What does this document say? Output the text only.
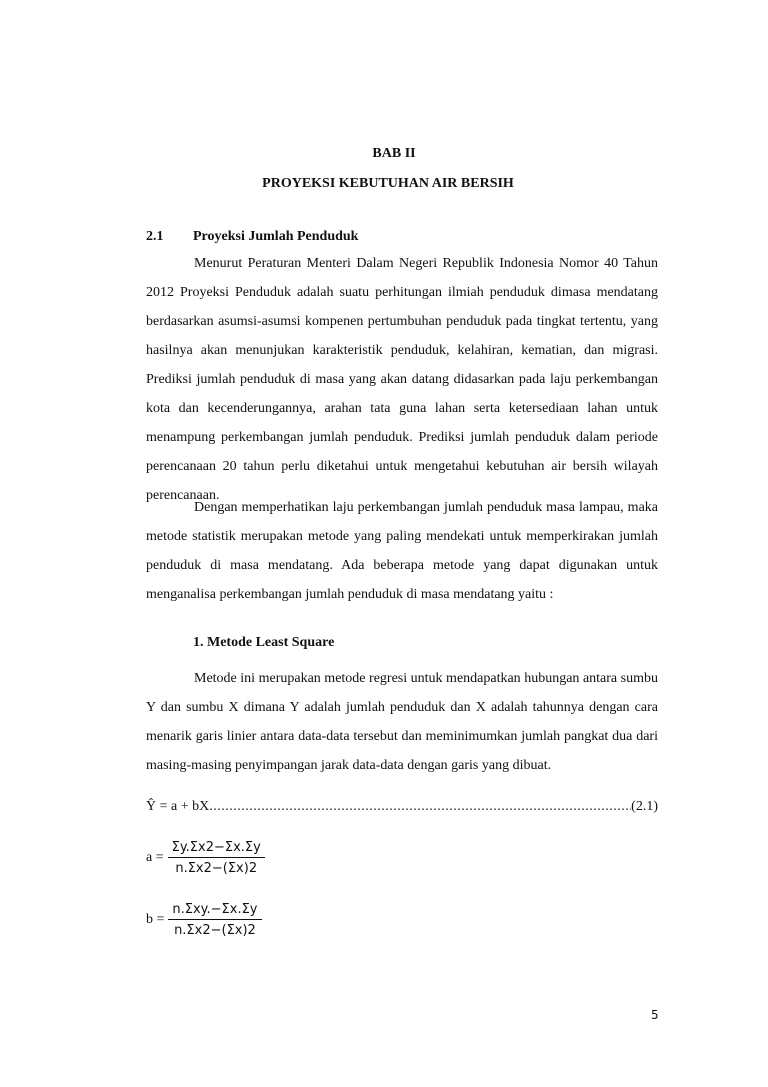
BAB II
PROYEKSI KEBUTUHAN AIR BERSIH
2.1 Proyeksi Jumlah Penduduk

Menurut Peraturan Menteri Dalam Negeri Republik Indonesia Nomor 40 Tahun 2012 Proyeksi Penduduk adalah suatu perhitungan ilmiah penduduk dimasa mendatang berdasarkan asumsi-asumsi kompenen pertumbuhan penduduk pada tingkat tertentu, yang hasilnya akan menunjukan karakteristik penduduk, kelahiran, kematian, dan migrasi. Prediksi jumlah penduduk di masa yang akan datang didasarkan pada laju perkembangan kota dan kecenderungannya, arahan tata guna lahan serta ketersediaan lahan untuk menampung perkembangan jumlah penduduk. Prediksi jumlah penduduk dalam periode perencanaan 20 tahun perlu diketahui untuk mengetahui kebutuhan air bersih wilayah perencanaan.

Dengan memperhatikan laju perkembangan jumlah penduduk masa lampau, maka metode statistik merupakan metode yang paling mendekati untuk memperkirakan jumlah penduduk di masa mendatang. Ada beberapa metode yang dapat digunakan untuk menganalisa perkembangan jumlah penduduk di masa mendatang yaitu :

1. Metode Least Square

Metode ini merupakan metode regresi untuk mendapatkan hubungan antara sumbu Y dan sumbu X dimana Y adalah jumlah penduduk dan X adalah tahunnya dengan cara menarik garis linier antara data-data tersebut dan meminimumkan jumlah pangkat dua dari masing-masing penyimpangan jarak data-data dengan garis yang dibuat.

Ŷ = a + bX
.....	(2.1)
$a = \frac{\Sigma y.\Sigma x2-\Sigma x.\Sigma y}{n.\Sigma x2-(\Sigma x)2}$
$b = \frac{\text{n.Σxy.−Σx.Σy}}{n.\Sigma x2-(\Sigma x)2}$
5
